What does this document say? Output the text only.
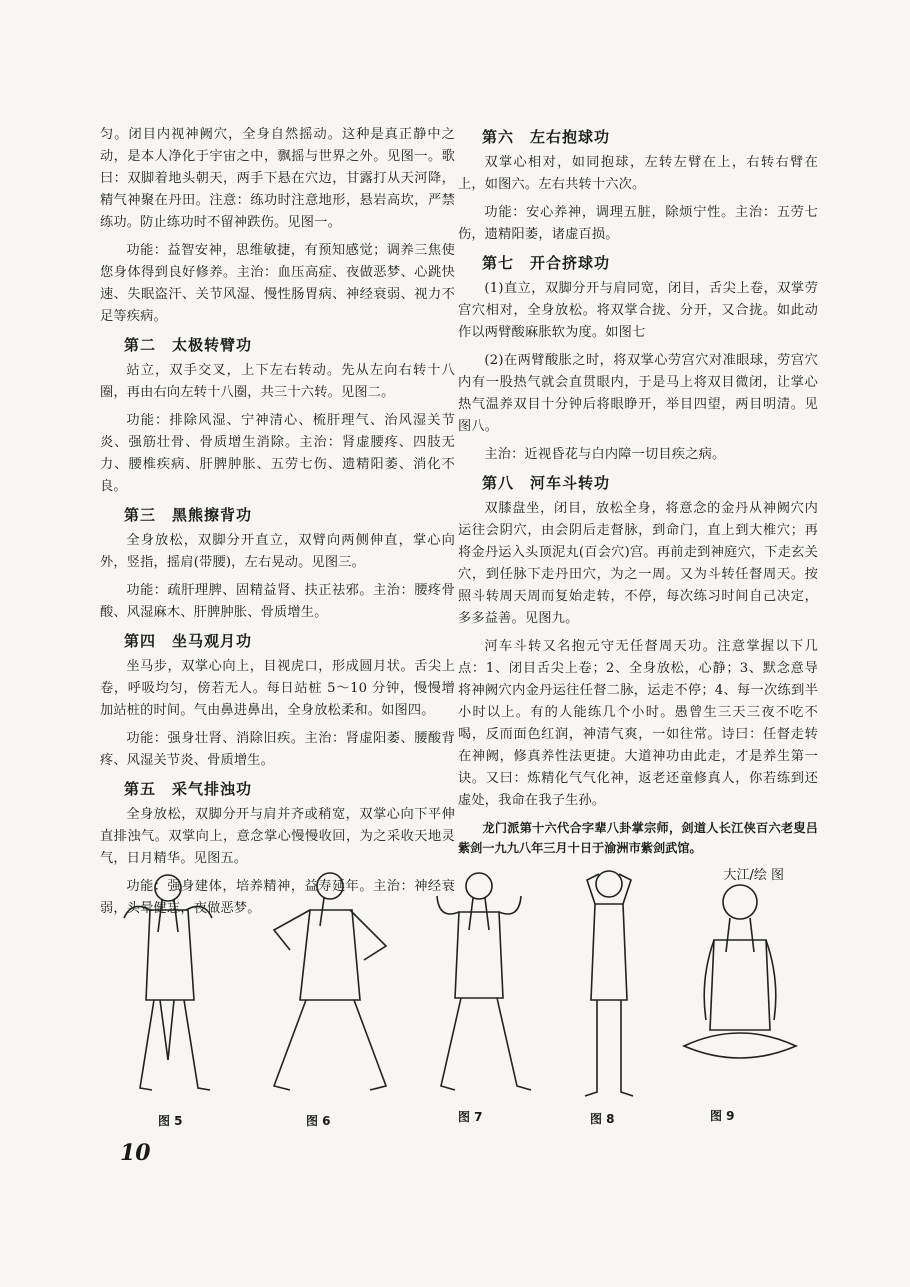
匀。闭目内视神阙穴，全身自然摇动。这种是真正静中之动，是本人净化于宇宙之中，飘摇与世界之外。见图一。歌曰：双脚着地头朝天，两手下悬在穴边，甘露打从天河降，精气神聚在丹田。注意：练功时注意地形，悬岩高坎，严禁练功。防止练功时不留神跌伤。见图一。

功能：益智安神，思维敏捷，有预知感觉；调养三焦使您身体得到良好修养。主治：血压高症、夜做恶梦、心跳快速、失眠盗汗、关节风湿、慢性肠胃病、神经衰弱、视力不足等疾病。

第二　太极转臂功

站立，双手交叉，上下左右转动。先从左向右转十八圈，再由右向左转十八圈，共三十六转。见图二。

功能：排除风湿、宁神清心、梳肝理气、治风湿关节炎、强筋壮骨、骨质增生消除。主治：肾虚腰疼、四肢无力、腰椎疾病、肝脾肿胀、五劳七伤、遗精阳萎、消化不良。

第三　黑熊擦背功

全身放松，双脚分开直立，双臂向两侧伸直，掌心向外，竖指，摇肩(带腰)，左右晃动。见图三。

功能：疏肝理脾、固精益肾、扶正祛邪。主治：腰疼骨酸、风湿麻木、肝脾肿胀、骨质增生。

第四　坐马观月功

坐马步，双掌心向上，目视虎口，形成圆月状。舌尖上卷，呼吸均匀，傍若无人。每日站桩 5～10 分钟，慢慢增加站桩的时间。气由鼻进鼻出，全身放松柔和。如图四。

功能：强身壮肾、消除旧疾。主治：肾虚阳萎、腰酸背疼、风湿关节炎、骨质增生。

第五　采气排浊功

全身放松，双脚分开与肩并齐或稍宽，双掌心向下平伸直排浊气。双掌向上，意念掌心慢慢收回，为之采收天地灵气，日月精华。见图五。

功能：强身建体，培养精神，益寿延年。主治：神经衰弱，头晕健忘，夜做恶梦。

第六　左右抱球功

双掌心相对，如同抱球，左转左臂在上，右转右臂在上，如图六。左右共转十六次。

功能：安心养神，调理五脏，除烦宁性。主治：五劳七伤，遗精阳萎，诸虚百损。

第七　开合挤球功

(1)直立，双脚分开与肩同宽，闭目，舌尖上卷，双掌劳宫穴相对，全身放松。将双掌合拢、分开，又合拢。如此动作以两臂酸麻胀软为度。如图七

(2)在两臂酸胀之时，将双掌心劳宫穴对准眼球，劳宫穴内有一股热气就会直贯眼内，于是马上将双目微闭，让掌心热气温养双目十分钟后将眼睁开，举目四望，两目明清。见图八。

主治：近视昏花与白内障一切目疾之病。

第八　河车斗转功

双膝盘坐，闭目，放松全身，将意念的金丹从神阙穴内运往会阴穴，由会阴后走督脉，到命门，直上到大椎穴；再将金丹运入头顶泥丸(百会穴)宫。再前走到神庭穴，下走玄关穴，到任脉下走丹田穴，为之一周。又为斗转任督周天。按照斗转周天周而复始走转，不停，每次练习时间自己决定，多多益善。见图九。

河车斗转又名抱元守无任督周天功。注意掌握以下几点：1、闭目舌尖上卷；2、全身放松，心静；3、默念意导将神阙穴内金丹运往任督二脉，运走不停；4、每一次练到半小时以上。有的人能练几个小时。愚曾生三天三夜不吃不喝，反而面色红润，神清气爽，一如往常。诗曰：任督走转在神阙，修真养性法更捷。大道神功由此走，才是养生第一诀。又曰：炼精化气气化神，返老还童修真人，你若练到还虚处，我命在我子生孙。

龙门派第十六代合字辈八卦掌宗师，剑道人长江侠百六老叟吕紫剑一九九八年三月十日于渝洲市紫剑武馆。
大江/绘 图
图 5	图 6	图 7	图 8	图 9
10
